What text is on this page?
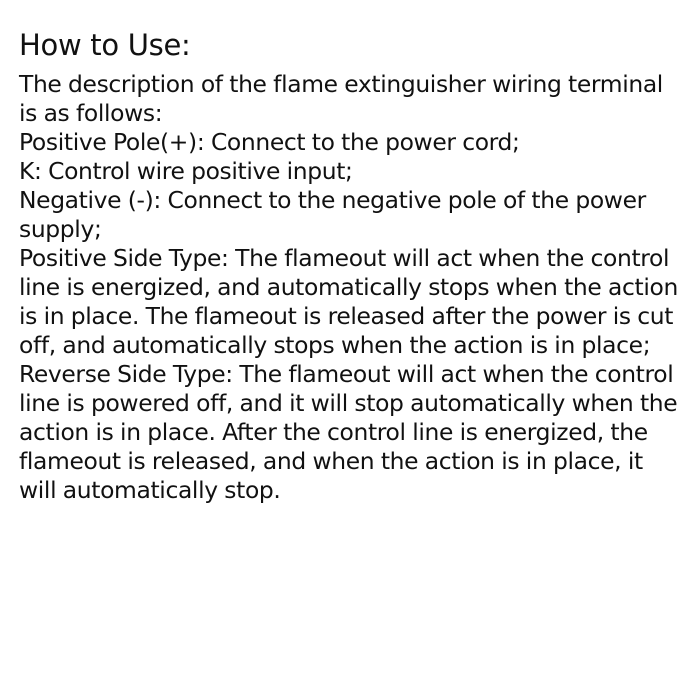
How to Use:
The description of the flame extinguisher wiring terminal
is as follows:
Positive Pole(+): Connect to the power cord;
K: Control wire positive input;
Negative (-): Connect to the negative pole of the power
supply;
Positive Side Type: The flameout will act when the control
line is energized, and automatically stops when the action
is in place. The flameout is released after the power is cut
off, and automatically stops when the action is in place;
Reverse Side Type: The flameout will act when the control
line is powered off, and it will stop automatically when the
action is in place. After the control line is energized, the
flameout is released, and when the action is in place, it
will automatically stop.
